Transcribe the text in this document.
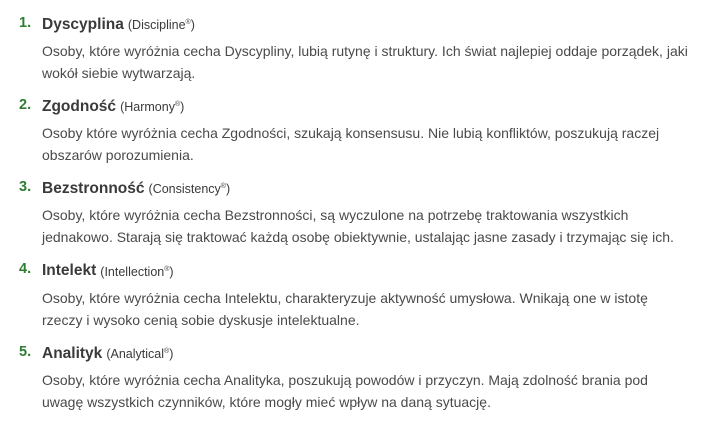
1. Dyscyplina (Discipline®)
Osoby, które wyróżnia cecha Dyscypliny, lubią rutynę i struktury. Ich świat najlepiej oddaje porządek, jaki wokół siebie wytwarzają.
2. Zgodność (Harmony®)
Osoby które wyróżnia cecha Zgodności, szukają konsensusu. Nie lubią konfliktów, poszukują raczej obszarów porozumienia.
3. Bezstronność (Consistency®)
Osoby, które wyróżnia cecha Bezstronności, są wyczulone na potrzebę traktowania wszystkich jednakowo. Starają się traktować każdą osobę obiektywnie, ustalając jasne zasady i trzymając się ich.
4. Intelekt (Intellection®)
Osoby, które wyróżnia cecha Intelektu, charakteryzuje aktywność umysłowa. Wnikają one w istotę rzeczy i wysoko cenią sobie dyskusje intelektualne.
5. Analityk (Analytical®)
Osoby, które wyróżnia cecha Analityka, poszukują powodów i przyczyn. Mają zdolność brania pod uwagę wszystkich czynników, które mogły mieć wpływ na daną sytuację.
